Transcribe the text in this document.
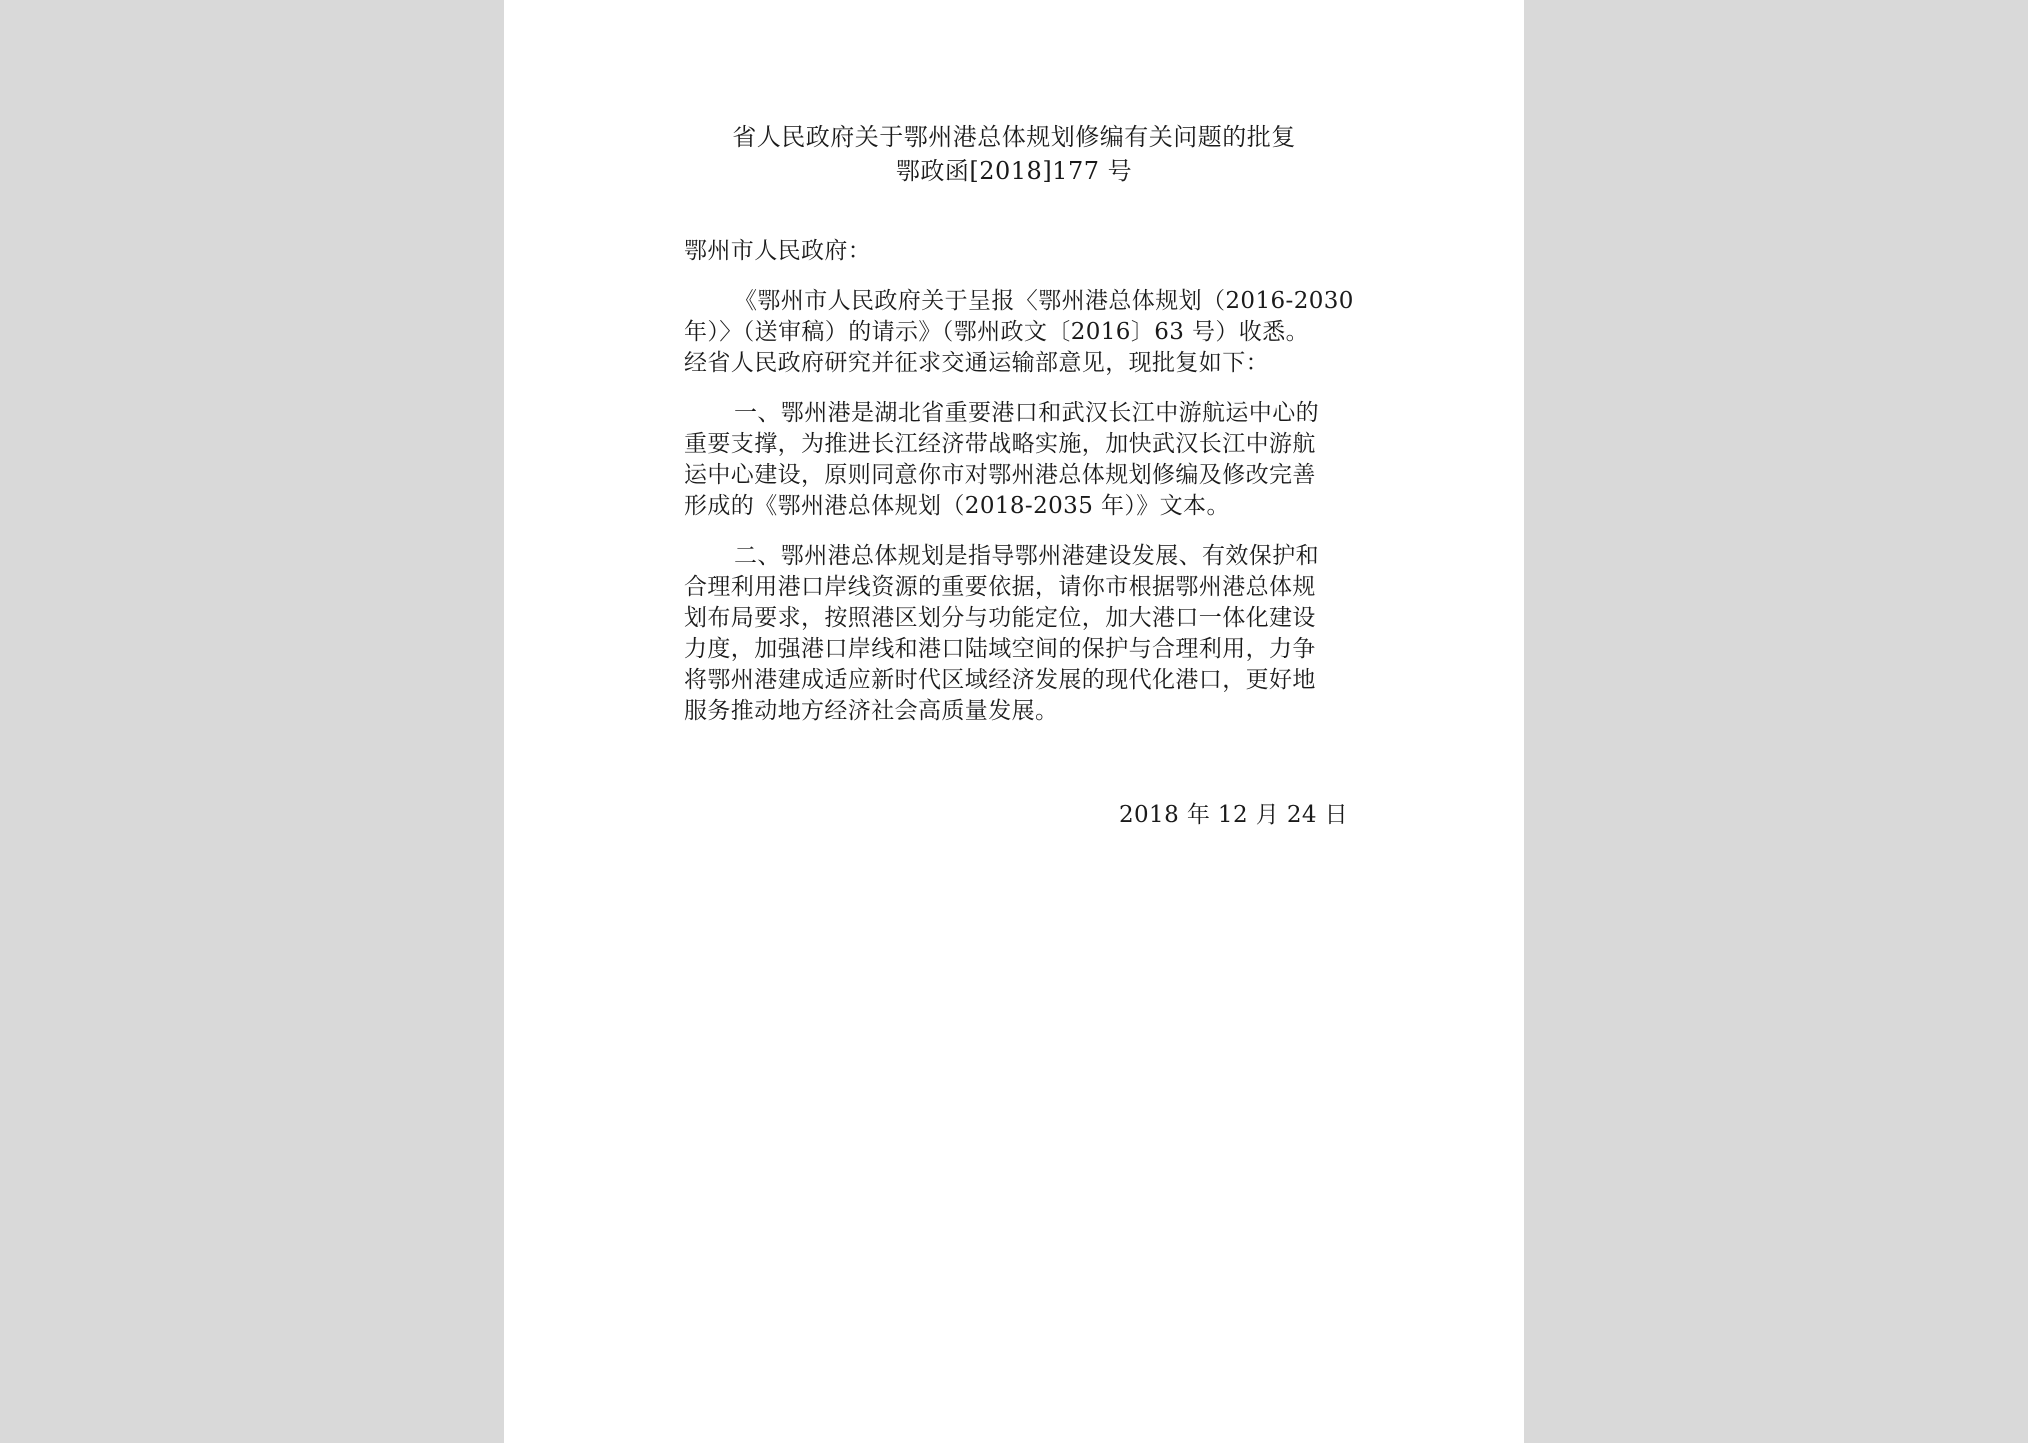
省人民政府关于鄂州港总体规划修编有关问题的批复
鄂政函[2018]177 号
鄂州市人民政府：
《鄂州市人民政府关于呈报〈鄂州港总体规划（2016-2030
年）〉（送审稿）的请示》（鄂州政文〔2016〕63 号）收悉。
经省人民政府研究并征求交通运输部意见，现批复如下：
一、鄂州港是湖北省重要港口和武汉长江中游航运中心的
重要支撑，为推进长江经济带战略实施，加快武汉长江中游航
运中心建设，原则同意你市对鄂州港总体规划修编及修改完善
形成的《鄂州港总体规划（2018-2035 年）》文本。
二、鄂州港总体规划是指导鄂州港建设发展、有效保护和
合理利用港口岸线资源的重要依据，请你市根据鄂州港总体规
划布局要求，按照港区划分与功能定位，加大港口一体化建设
力度，加强港口岸线和港口陆域空间的保护与合理利用，力争
将鄂州港建成适应新时代区域经济发展的现代化港口，更好地
服务推动地方经济社会高质量发展。
2018 年 12 月 24 日
